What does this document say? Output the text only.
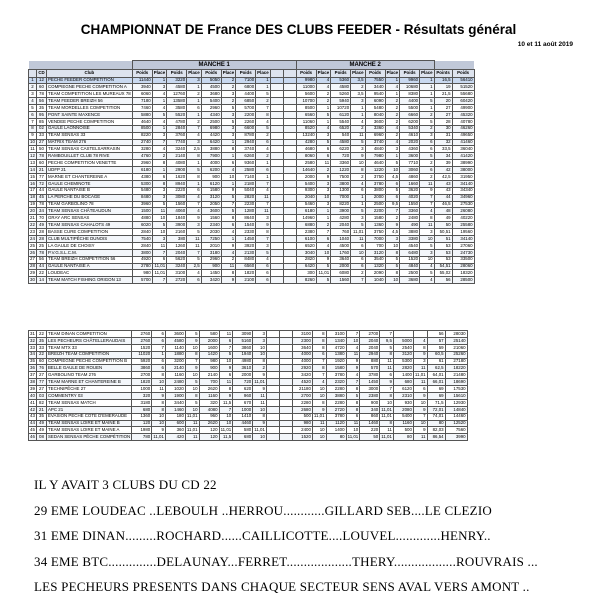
CHAMPIONNAT DE France DES CLUBS FEEDER - Résultats général
10 et 11 août 2019
			MANCHE 1										MANCHE 2									
	CD	Club	Poids	Place	Poids	Place	Poids	Place	Poids	Place			Poids	Place	Poids	Place	Poids	Place	Poids	Place	Points	Poids
1	12	PÊCHE FEEDER COMPETITION	11440	1	3220	3	5050	2	7100	1			9980	4	5360	3,5	7550	1	9960	1	16,5	56410
2	60	COMPIEGNE PECHE COMPETITION A	3940	3	4580	1	4500	2	6800	1			11000	4	4580	2	3440	4	10680	1	19	51520
3	78	TEAM COMPETITION LES MUREAUX 78	6060	4	12760	2	3680	3	4400	5			5600	2	5260	3,5	9540	1	8380	1	21,5	55680
4	56	TEAM FEEDER BREIZH 56	7180	1	13580	1	5400	2	6850	2			10700	2	5940	3	6090	2	4400	5	20	60420
5	35	TEAM MORDELLES COMPETITION	7460	4	3580	6	2960	5	5700	7			8500	1	10720	1	5480	2	5500	1	27	49900
6	95	PONT SAINTE MAXENCE	5880	5	5520	1	4340	3	2200	8			6560	5	6120	1	8040	2	6660	2	27	45320
7	85	VENDEE PECHE COMPETITION	4640	4	4780	2	2500	5	2260	4			11060	1	5540	4	3600	2	6200	5	28	40780
8	02	GAULE LAONNOISE	8500	1	2840	7	6980	3	6600	5			8520	4	6520	2	3360	4	5340	2	30	46260
9	33	TEAM SENSAS 33	8220	3	3760	4	4420	3	8780	2			13240	3	540	11	6960	2	4610	3	31	49650
10	27	MATRIX TEAM 276	2740	7	7740	3	6420	1	2940	6			4280	5	4580	5	3740	4	2020	6	32	41460
11	50	TEAM SENSAS CASTELSARRASIN	3280	4	3240	2,5	3880	8	3740	4			4680	6	6220	3	4840	3	4360	6	33,5	36040
12	78	RAMBOUILLET CLUB 78 RIVE	4760	2	2140	8	7900	1	6260	2			8060	6	720	9	7980	1	3600	5	34	41420
13	60	PECHE COMPETITION VENETTE	2960	8	4080	1	4000	6	9360	1			2580	11	3360	10	4640	5	7710	2	39	38990
14	21	UDFP 21	6180	1	2900	5	6200	4	2580	6			14640	2	1220	8	1220	10	3060	6	42	38000
15	77	MARNE ET CHANTEREINE A	4380	6	1620	8	900	10	7140	1			2000	9	7500	2	3750	4,5	4860	2	42,5	31950
16	72	GAULE CHEMINOTE	5300	8	8940	1	6120	1	2180	7			5400	3	3800	4	3780	6	1660	11	43	34140
17	44	GAULE NANTAISE B	5480	3	2220	6	1580	9	5040	4			9300	3	1300	6	3800	5	3620	9	43	34340
18	45	LA PERCHE DU BOCAGE	8480	3	3080	4	3120	5	2820	11			2040	10	7000	1	2000	6	4020	7	44	34960
19	78	TEAM GARBOLINO 78	3960	5	1560	7	2050	7	2230	7			5460	3	8220	1	2500	9,5	1550	7	46,5	27530
20	34	TEAM SENSAS CHÂTEAUDUN	1500	11	4060	4	3600	5	1280	11			6180	1	3900	5	2200	7	3360	4	48	26080
21	70	GRAY ARC SENSAS	4880	10	1840	9	1560	8	8640	3			14960	1	4280	3	1580	2	2480	8	49	40220
22	49	TEAM SENSAS CAHALOTS 49	6020	5	3900	3	2340	6	1540	9			6880	2	2040	5	1360	9	490	11	50	25580
23	28	BASSE CURE COMPETITION	2840	10	2160	5	2030	4	2330	8			2380	7	760	11,01	3750	4,5	3880	3	50,51	19560
24	28	CLUB MULTIPÊCHE DUNOIS	7540	3	380	11	7250	1	1450	7			6100	6	1040	11	7000	3	3380	10	51	34140
25	25	LA GAULE DE CHOISY	2840	11	1260	11	2010	9	3920	3			6520	4	4500	6	700	10	4540	5	53	27060
26	78	P.V.G.S.L.C.M.	3800	7	2040	7	3180	4	2130	5			3040	10	1760	10	3120	8	6480	3	53	24730
27	56	TEAM BREIZH COMPETITION 56	4920	6	5620	5	2960	2	8480	4			2820	9	3640	6	3540	5	1520	10	53	33500
28	44	GAULE NANTAISE A	2780	11,01	3240	2,5	900	11	6560	6			6420	5	2000	6	1320	5	4840	4	54,51	28060
29	22	LOUDEAC	980	11,01	3100	4	1450	8	1820	6			300	11,01	6080	2	2090	8	2500	5	55,02	18320
30	14	TEAM MATCH FISHING ORIGON 13	5700	7	2720	6	3420	9	2100	6			8260	5	1560	7	1040	10	3680	4	56	28500
31	22	TEAM DINAN COMPETITION	2760	6	3600	5	580	11	3090	3			3100	8	3100	7	2700	7			56	28030
32	35	LES PECHEURS CHÂTELLERAUDAIS	2760	6	4580	9	2000	6	5160	3			2300	8	1340	10	2040	9,5	5000	4	57	25140
33	33	TEAM MTX 33	1520	7	1140	10	1600	7	3860	10			3640	8	4720	4	2040	5	2540	8	59	21060
34	22	BREIZH TEAM COMPETITION	11020	1	1880	8	1420	5	1940	10			4000	6	1380	11	2940	8	3120	9	60,5	25260
35	60	COMPIEGNE PECHE COMPETITION B	5920	6	3200	7	980	10	4980	8			4000	7	1920	9	880	11	5300	3	61	27180
36	76	BELLE GAULE DE ROUEN	3860	6	2140	9	900	9	3610	2			2920	8	1580	9	570	11	2820	11	62,5	18220
37	27	GARBOLINO TEAM 276	2700	8	1160	10	2140	6	2000	9			3420	7	3780	4	3780	6	1400	11,01	64,01	21480
38	77	TEAM MARNE ET CHANTEREINE B	1820	10	2480	5	700	11	720	11,01			4520	4	2320	7	1450	9	680	11	66,01	18690
39	27	TECHNIPÊCHE 27	1000	11	1020	10	2620	8	620	9			21180	10	2280	8	3000	7	6120	6	69	17530
40	03	COMMENTRY 03	320	9	1900	8	1160	9	960	11			2700	10	3880	5	2380	8	2310	9	69	15610
41	82	TEAM SENSAS MATCH	3180	8	3440	5	320	11,5	670	11			2280	8	2280	8	900	10	930	10	71,5	12930
42	21	APC 21	680	8	1460	10	4080	7	1000	10			2680	9	2720	8	340	11,01	2080	9	72,01	14840
43	35	EVASION PECHE CÔTE D'EMERAUDE	1360	10	180	11,01	960	10	1410	8			500	11,01	3780	6	860	11,01	5400	7	74,01	14460
44	49	TEAM SENSAS LOIRE ET MAINE B	120	10	600	11	2620	10	4460	9			980	11	1120	11	1460	8	1160	10	80	12520
45	49	TEAM SENSAS LOIRE ET MAINE A	1980	9	360	11,01	120	11,01	580	11,01			2400	10	1400	10	220	11	500	9	82,03	7560
46	08	SEDAN SENSAS PÊCHE COMPÉTITION	780	11,01	420	11	120	11,5	680	10			1520	10	80	11,01	50	11,01	80	11	86,54	3990
IL Y AVAIT 3 CLUBS DU CD 22
29 EME LOUDEAC ..LEBOULH ..HERROU............GILLARD SEB....LE CLEZIO
31 EME DINAN.........ROCHARD......CAILLICOTTE....LOUVEL.............HENRY..
34 EME BTC..............DELAUNAY...FERRET...................THERY..................ROUVRAIS ...
LES PECHEURS PRESENTS DANS CHAQUE SECTEUR SENS AVAL VERS AMONT ..
